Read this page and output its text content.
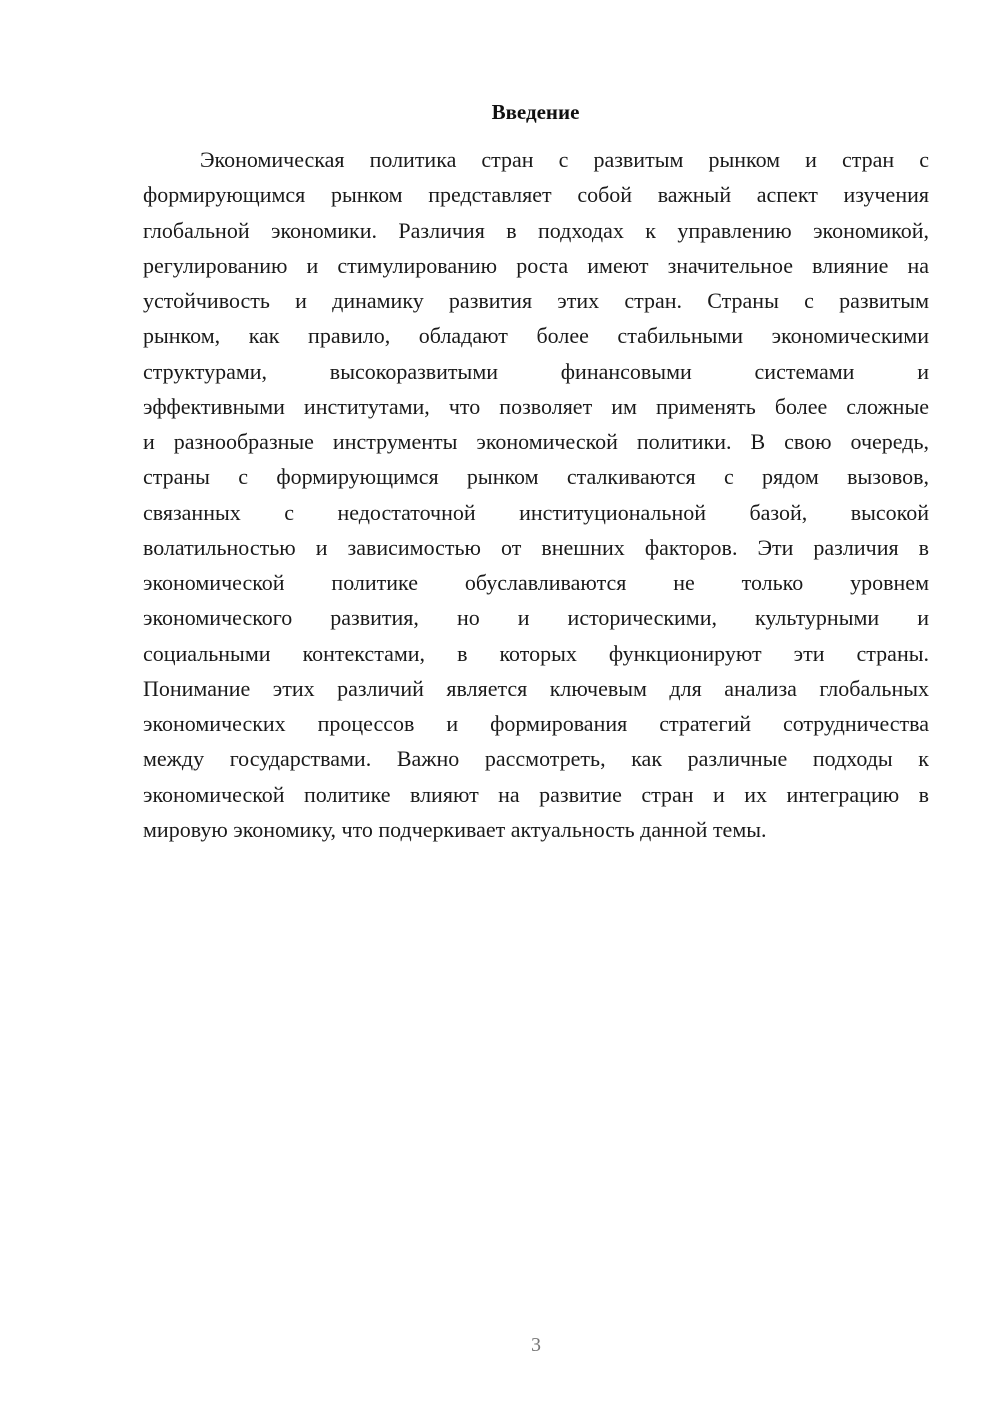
Введение
Экономическая политика стран с развитым рынком и стран с
формирующимся рынком представляет собой важный аспект изучения
глобальной экономики. Различия в подходах к управлению экономикой,
регулированию и стимулированию роста имеют значительное влияние на
устойчивость и динамику развития этих стран. Страны с развитым
рынком, как правило, обладают более стабильными экономическими
структурами, высокоразвитыми финансовыми системами и
эффективными институтами, что позволяет им применять более сложные
и разнообразные инструменты экономической политики. В свою очередь,
страны с формирующимся рынком сталкиваются с рядом вызовов,
связанных с недостаточной институциональной базой, высокой
волатильностью и зависимостью от внешних факторов. Эти различия в
экономической политике обуславливаются не только уровнем
экономического развития, но и историческими, культурными и
социальными контекстами, в которых функционируют эти страны.
Понимание этих различий является ключевым для анализа глобальных
экономических процессов и формирования стратегий сотрудничества
между государствами. Важно рассмотреть, как различные подходы к
экономической политике влияют на развитие стран и их интеграцию в
мировую экономику, что подчеркивает актуальность данной темы.
3
